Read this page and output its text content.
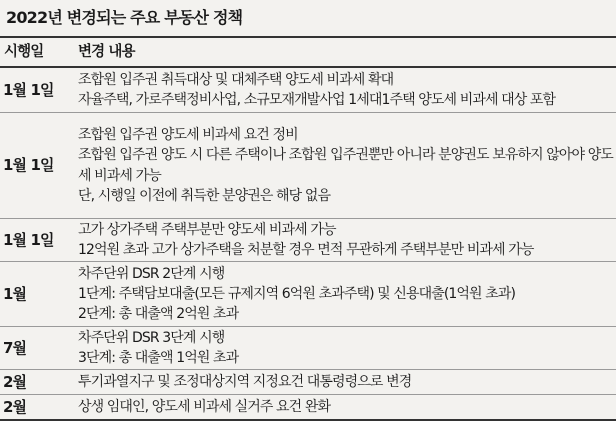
2022년 변경되는 주요 부동산 정책
시행일	변경 내용
1월 1일	조합원 입주권 취득대상 및 대체주택 양도세 비과세 확대
자율주택, 가로주택정비사업, 소규모재개발사업 1세대1주택 양도세 비과세 대상 포함

1월 1일	조합원 입주권 양도세 비과세 요건 정비
조합원 입주권 양도 시 다른 주택이나 조합원 입주권뿐만 아니라 분양권도 보유하지 않아야 양도세 비과세 가능
단, 시행일 이전에 취득한 분양권은 해당 없음

1월 1일	고가 상가주택 주택부분만 양도세 비과세 가능
12억원 초과 고가 상가주택을 처분할 경우 면적 무관하게 주택부분만 비과세 가능

1월	차주단위 DSR 2단계 시행
1단계: 주택담보대출(모든 규제지역 6억원 초과주택) 및 신용대출(1억원 초과)
2단계: 총 대출액 2억원 초과

7월	차주단위 DSR 3단계 시행
3단계: 총 대출액 1억원 초과

2월	투기과열지구 및 조정대상지역 지정요건 대통령령으로 변경

2월	상생 임대인, 양도세 비과세 실거주 요건 완화
